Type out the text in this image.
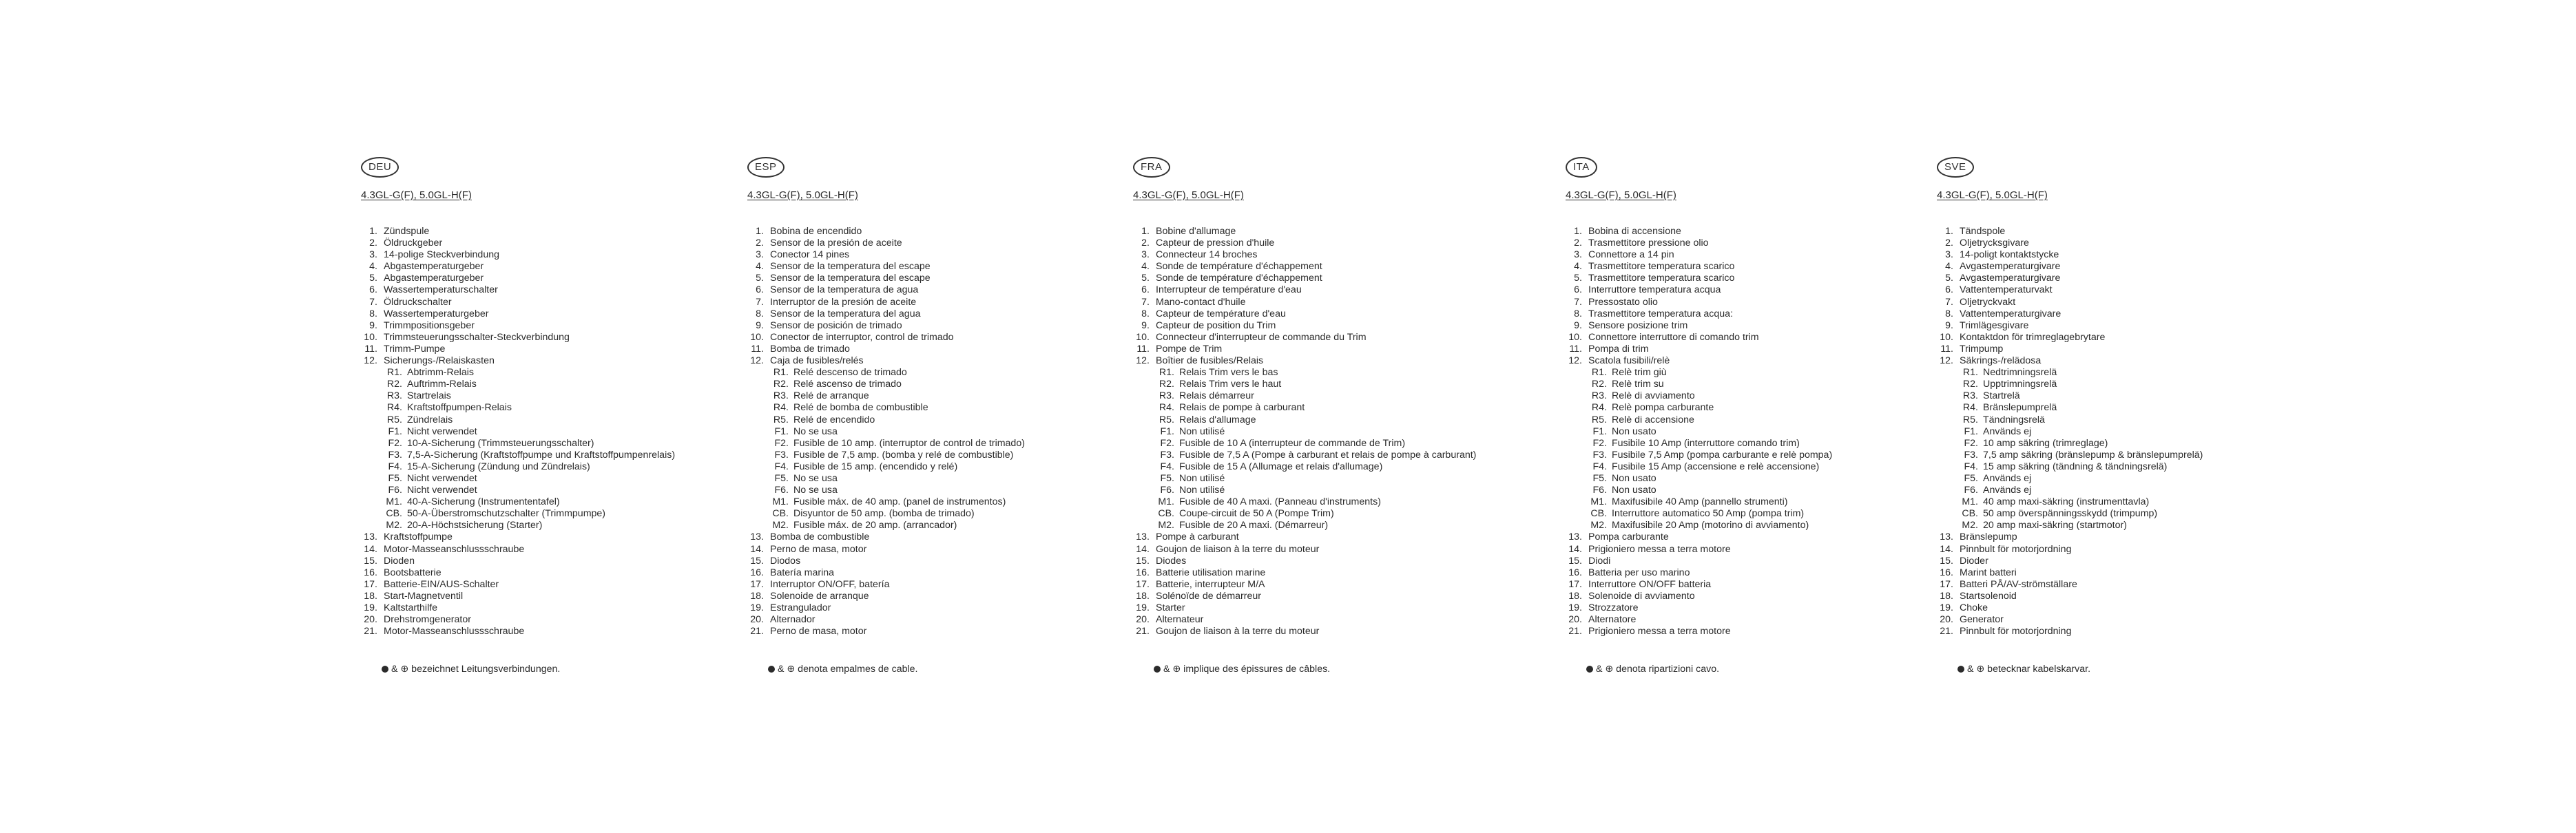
DEU
4.3GL-G(F), 5.0GL-H(F)
1. Zündspule
2. Öldruckgeber
3. 14-polige Steckverbindung
4. Abgastemperaturgeber
5. Abgastemperaturgeber
6. Wassertemperaturschalter
7. Öldruckschalter
8. Wassertemperaturgeber
9. Trimmpositionsgeber
10. Trimmsteuerungsschalter-Steckverbindung
11. Trimm-Pumpe
12. Sicherungs-/Relaiskasten
R1. Abtrimm-Relais
R2. Auftrimm-Relais
R3. Startrelais
R4. Kraftstoffpumpen-Relais
R5. Zündrelais
F1. Nicht verwendet
F2. 10-A-Sicherung (Trimmsteuerungsschalter)
F3. 7,5-A-Sicherung (Kraftstoffpumpe und Kraftstoffpumpenrelais)
F4. 15-A-Sicherung (Zündung und Zündrelais)
F5. Nicht verwendet
F6. Nicht verwendet
M1. 40-A-Sicherung (Instrumententafel)
CB. 50-A-Überstromschutzschalter (Trimmpumpe)
M2. 20-A-Höchstsicherung (Starter)
13. Kraftstoffpumpe
14. Motor-Masseanschlussschraube
15. Dioden
16. Bootsbatterie
17. Batterie-EIN/AUS-Schalter
18. Start-Magnetventil
19. Kaltstarthilfe
20. Drehstromgenerator
21. Motor-Masseanschlussschraube
& ⊕ bezeichnet Leitungsverbindungen.
ESP
4.3GL-G(F), 5.0GL-H(F)
1. Bobina de encendido
2. Sensor de la presión de aceite
3. Conector 14 pines
4. Sensor de la temperatura del escape
5. Sensor de la temperatura del escape
6. Sensor de la temperatura de agua
7. Interruptor de la presión de aceite
8. Sensor de la temperatura del agua
9. Sensor de posición de trimado
10. Conector de interruptor, control de trimado
11. Bomba de trimado
12. Caja de fusibles/relés
R1. Relé descenso de trimado
R2. Relé ascenso de trimado
R3. Relé de arranque
R4. Relé de bomba de combustible
R5. Relé de encendido
F1. No se usa
F2. Fusible de 10 amp. (interruptor de control de trimado)
F3. Fusible de 7,5 amp. (bomba y relé de combustible)
F4. Fusible de 15 amp. (encendido y relé)
F5. No se usa
F6. No se usa
M1. Fusible máx. de 40 amp. (panel de instrumentos)
CB. Disyuntor de 50 amp. (bomba de trimado)
M2. Fusible máx. de 20 amp. (arrancador)
13. Bomba de combustible
14. Perno de masa, motor
15. Diodos
16. Batería marina
17. Interruptor ON/OFF, batería
18. Solenoide de arranque
19. Estrangulador
20. Alternador
21. Perno de masa, motor
& ⊕ denota empalmes de cable.
FRA
4.3GL-G(F), 5.0GL-H(F)
1. Bobine d'allumage
2. Capteur de pression d'huile
3. Connecteur 14 broches
4. Sonde de température d'échappement
5. Sonde de température d'échappement
6. Interrupteur de température d'eau
7. Mano-contact d'huile
8. Capteur de température d'eau
9. Capteur de position du Trim
10. Connecteur d'interrupteur de commande du Trim
11. Pompe de Trim
12. Boîtier de fusibles/Relais
R1. Relais Trim vers le bas
R2. Relais Trim vers le haut
R3. Relais démarreur
R4. Relais de pompe à carburant
R5. Relais d'allumage
F1. Non utilisé
F2. Fusible de 10 A (interrupteur de commande de Trim)
F3. Fusible de 7,5 A (Pompe à carburant et relais de pompe à carburant)
F4. Fusible de 15 A (Allumage et relais d'allumage)
F5. Non utilisé
F6. Non utilisé
M1. Fusible de 40 A maxi. (Panneau d'instruments)
CB. Coupe-circuit de 50 A (Pompe Trim)
M2. Fusible de 20 A maxi. (Démarreur)
13. Pompe à carburant
14. Goujon de liaison à la terre du moteur
15. Diodes
16. Batterie utilisation marine
17. Batterie, interrupteur M/A
18. Solénoïde de démarreur
19. Starter
20. Alternateur
21. Goujon de liaison à la terre du moteur
& ⊕ implique des épissures de câbles.
ITA
4.3GL-G(F), 5.0GL-H(F)
1. Bobina di accensione
2. Trasmettitore pressione olio
3. Connettore a 14 pin
4. Trasmettitore temperatura scarico
5. Trasmettitore temperatura scarico
6. Interruttore temperatura acqua
7. Pressostato olio
8. Trasmettitore temperatura acqua:
9. Sensore posizione trim
10. Connettore interruttore di comando trim
11. Pompa di trim
12. Scatola fusibili/relè
R1. Relè trim giù
R2. Relè trim su
R3. Relè di avviamento
R4. Relè pompa carburante
R5. Relè di accensione
F1. Non usato
F2. Fusibile 10 Amp (interruttore comando trim)
F3. Fusibile 7,5 Amp (pompa carburante e relè pompa)
F4. Fusibile 15 Amp (accensione e relè accensione)
F5. Non usato
F6. Non usato
M1. Maxifusibile 40 Amp (pannello strumenti)
CB. Interruttore automatico 50 Amp (pompa trim)
M2. Maxifusibile 20 Amp (motorino di avviamento)
13. Pompa carburante
14. Prigioniero messa a terra motore
15. Diodi
16. Batteria per uso marino
17. Interruttore ON/OFF batteria
18. Solenoide di avviamento
19. Strozzatore
20. Alternatore
21. Prigioniero messa a terra motore
& ⊕ denota ripartizioni cavo.
SVE
4.3GL-G(F), 5.0GL-H(F)
1. Tändspole
2. Oljetrycksgivare
3. 14-poligt kontaktstycke
4. Avgastemperaturgivare
5. Avgastemperaturgivare
6. Vattentemperaturvakt
7. Oljetryckvakt
8. Vattentemperaturgivare
9. Trimlägesgivare
10. Kontaktdon för trimreglagebrytare
11. Trimpump
12. Säkrings-/relädosa
R1. Nedtrimningsrelä
R2. Upptrimningsrelä
R3. Startrelä
R4. Bränslepumprelä
R5. Tändningsrelä
F1. Används ej
F2. 10 amp säkring (trimreglage)
F3. 7,5 amp säkring (bränslepump & bränslepumprelä)
F4. 15 amp säkring (tändning & tändningsrelä)
F5. Används ej
F6. Används ej
M1. 40 amp maxi-säkring (instrumenttavla)
CB. 50 amp överspänningsskydd (trimpump)
M2. 20 amp maxi-säkring (startmotor)
13. Bränslepump
14. Pinnbult för motorjordning
15. Dioder
16. Marint batteri
17. Batteri PÅ/AV-strömställare
18. Startsolenoid
19. Choke
20. Generator
21. Pinnbult för motorjordning
& ⊕ betecknar kabelskarvar.
